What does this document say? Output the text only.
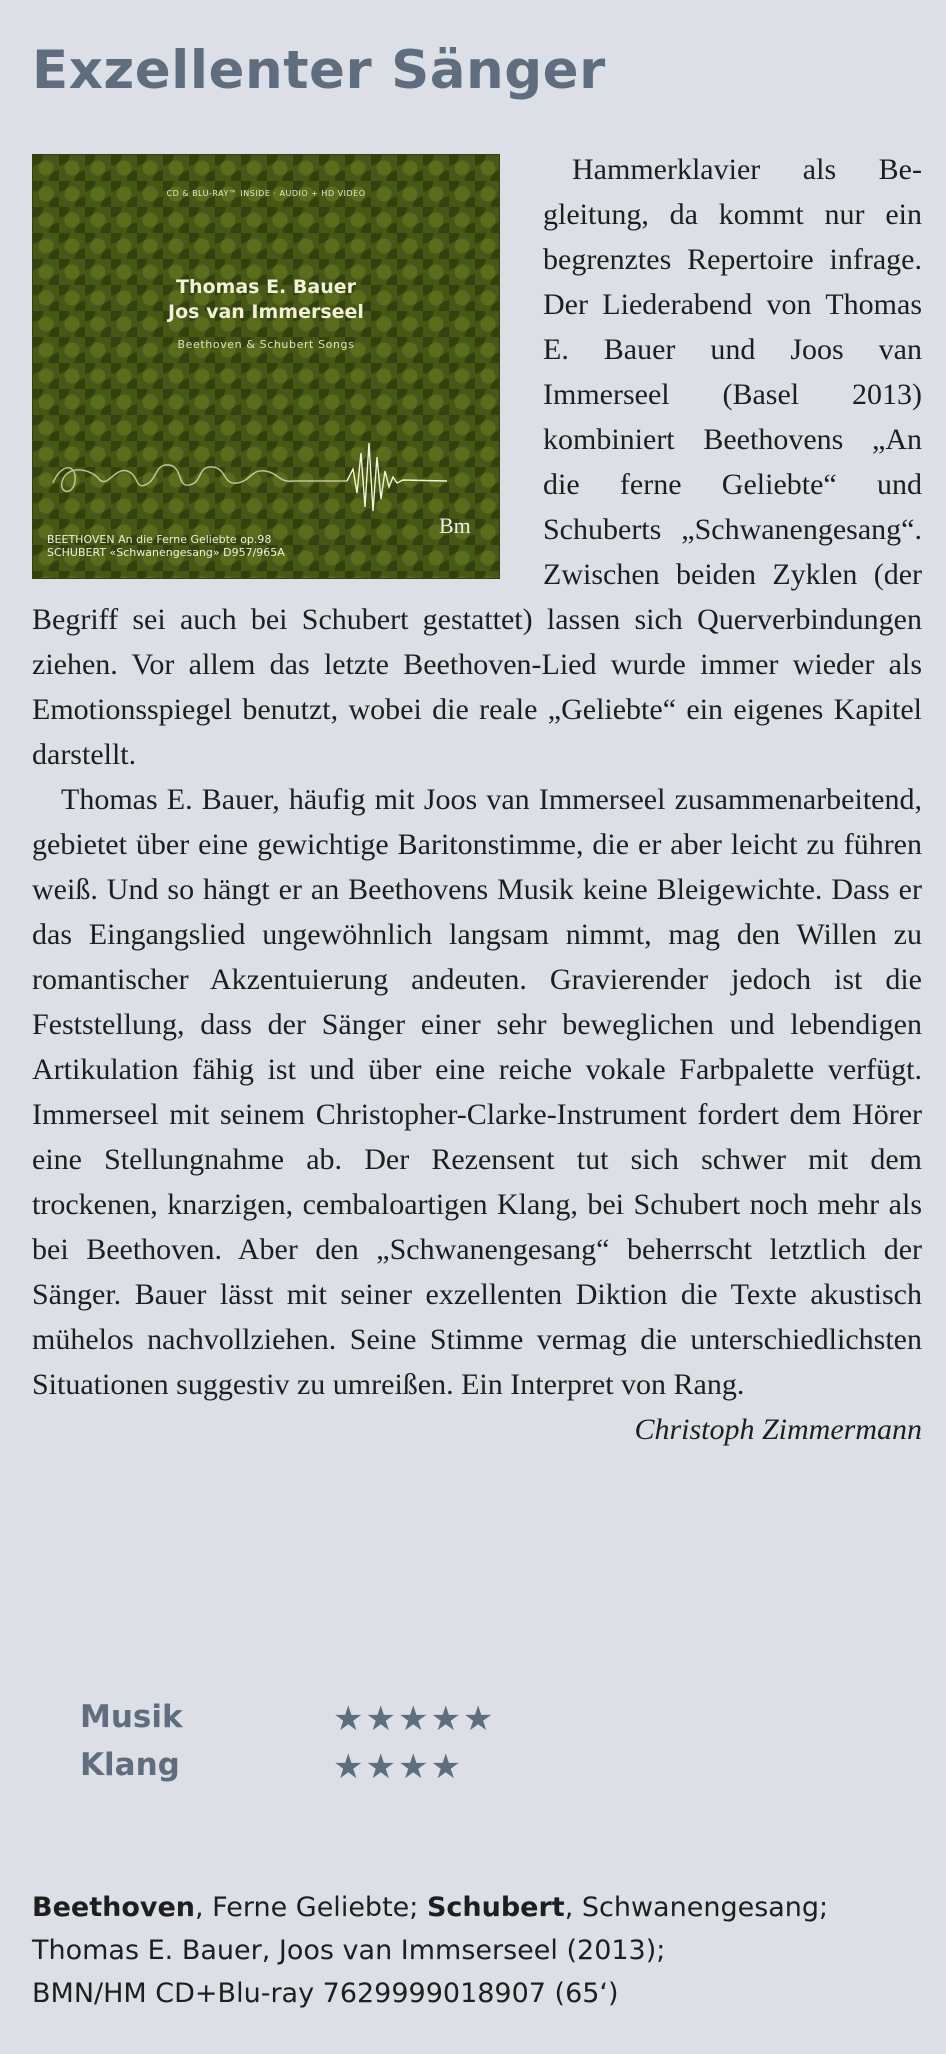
Exzellenter Sänger
CD & BLU-RAY™ INSIDE · AUDIO + HD VIDEO
Thomas E. Bauer
Jos van Immerseel
Beethoven & Schubert Songs
Bm
BEETHOVEN An die Ferne Geliebte op.98
SCHUBERT «Schwanengesang» D957/965A

Hammerklavier als Begleitung, da kommt nur ein begrenztes Repertoire infrage. Der Liederabend von Thomas E. Bauer und Joos van Immerseel (Basel 2013) kombiniert Beethovens „An die ferne Geliebte“ und Schuberts „Schwanengesang“. Zwischen beiden Zyklen (der Begriff sei auch bei Schubert gestattet) lassen sich Querverbindungen ziehen. Vor allem das letzte Beethoven-Lied wurde immer wieder als Emotionsspiegel benutzt, wobei die reale „Geliebte“ ein eigenes Kapitel darstellt.

Thomas E. Bauer, häufig mit Joos van Immerseel zusammenarbeitend, gebietet über eine gewichtige Baritonstimme, die er aber leicht zu führen weiß. Und so hängt er an Beethovens Musik keine Bleigewichte. Dass er das Eingangslied ungewöhnlich langsam nimmt, mag den Willen zu romantischer Akzentuierung andeuten. Gravierender jedoch ist die Feststellung, dass der Sänger einer sehr beweglichen und lebendigen Artikulation fähig ist und über eine reiche vokale Farbpalette verfügt. Immerseel mit seinem Christopher-Clarke-Instrument fordert dem Hörer eine Stellungnahme ab. Der Rezensent tut sich schwer mit dem trockenen, knarzigen, cembaloartigen Klang, bei Schubert noch mehr als bei Beethoven. Aber den „Schwanengesang“ beherrscht letztlich der Sänger. Bauer lässt mit seiner exzellenten Diktion die Texte akustisch mühelos nachvollziehen. Seine Stimme vermag die unterschiedlichsten Situationen suggestiv zu umreißen. Ein Interpret von Rang.

Christoph Zimmermann

Musik	★★★★★
Klang	★★★★
Beethoven, Ferne Geliebte; Schubert, Schwanengesang;
Thomas E. Bauer, Joos van Immserseel (2013);
BMN/HM CD+Blu-ray 7629999018907 (65‘)
